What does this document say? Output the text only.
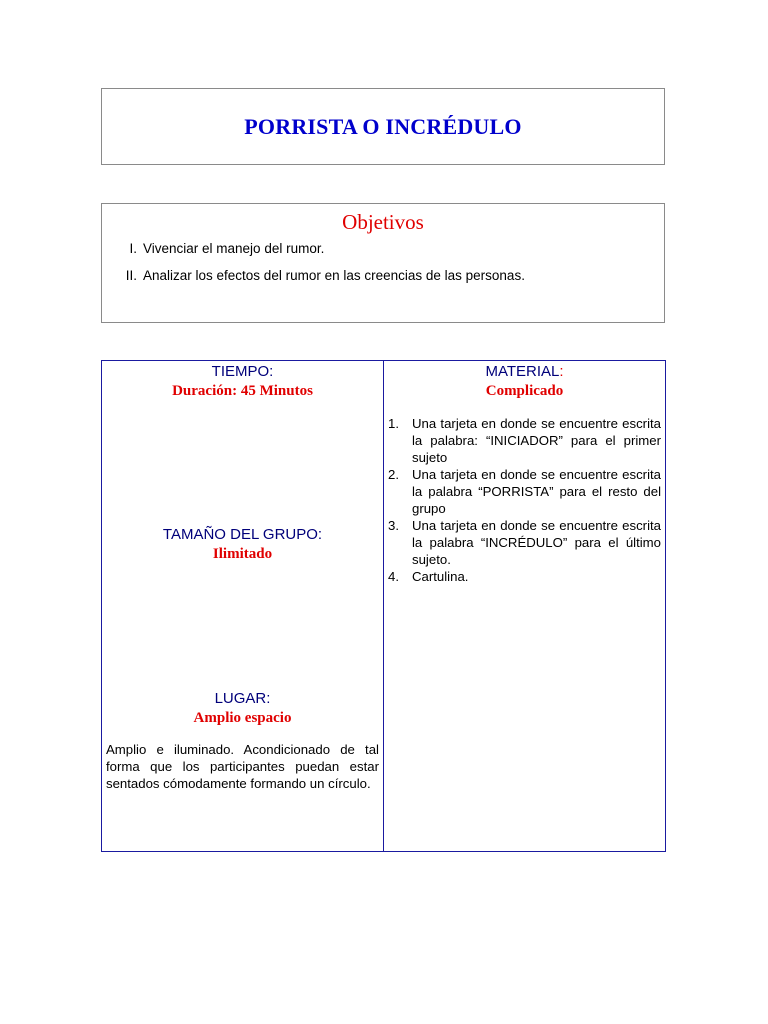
PORRISTA O INCRÉDULO
Objetivos
I. Vivenciar el manejo del rumor.
II. Analizar los efectos del rumor en las creencias de las personas.
TIEMPO:
Duración: 45 Minutos
TAMAÑO DEL GRUPO:
Ilimitado
LUGAR:
Amplio espacio

Amplio e iluminado. Acondicionado de tal forma que los participantes puedan estar sentados cómodamente formando un círculo.

MATERIAL:
Complicado
1. Una tarjeta en donde se encuentre escrita la palabra: “INICIADOR” para el primer sujeto
2. Una tarjeta en donde se encuentre escrita la palabra “PORRISTA” para el resto del grupo
3. Una tarjeta en donde se encuentre escrita la palabra “INCRÉDULO” para el último sujeto.
4. Cartulina.
